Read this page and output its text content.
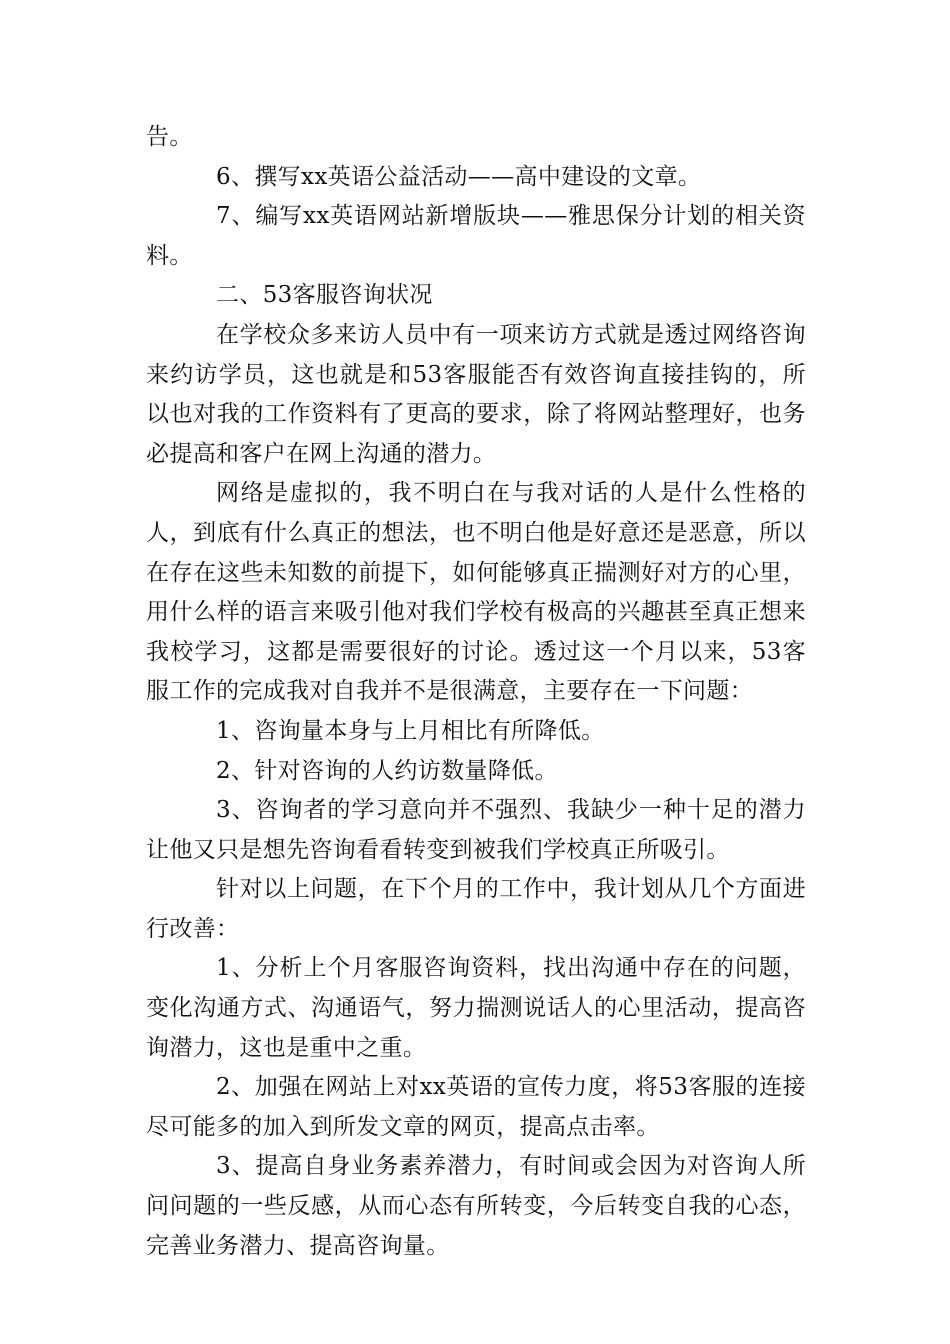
告。

6、撰写xx英语公益活动——高中建设的文章。

7、编写xx英语网站新增版块——雅思保分计划的相关资料。

二、53客服咨询状况

在学校众多来访人员中有一项来访方式就是透过网络咨询来约访学员，这也就是和53客服能否有效咨询直接挂钩的，所以也对我的工作资料有了更高的要求，除了将网站整理好，也务必提高和客户在网上沟通的潜力。

网络是虚拟的，我不明白在与我对话的人是什么性格的人，到底有什么真正的想法，也不明白他是好意还是恶意，所以在存在这些未知数的前提下，如何能够真正揣测好对方的心里，用什么样的语言来吸引他对我们学校有极高的兴趣甚至真正想来我校学习，这都是需要很好的讨论。透过这一个月以来，53客服工作的完成我对自我并不是很满意，主要存在一下问题：

1、咨询量本身与上月相比有所降低。

2、针对咨询的人约访数量降低。

3、咨询者的学习意向并不强烈、我缺少一种十足的潜力让他又只是想先咨询看看转变到被我们学校真正所吸引。

针对以上问题，在下个月的工作中，我计划从几个方面进行改善：

1、分析上个月客服咨询资料，找出沟通中存在的问题，变化沟通方式、沟通语气，努力揣测说话人的心里活动，提高咨询潜力，这也是重中之重。

2、加强在网站上对xx英语的宣传力度，将53客服的连接尽可能多的加入到所发文章的网页，提高点击率。

3、提高自身业务素养潜力，有时间或会因为对咨询人所问问题的一些反感，从而心态有所转变，今后转变自我的心态，完善业务潜力、提高咨询量。
